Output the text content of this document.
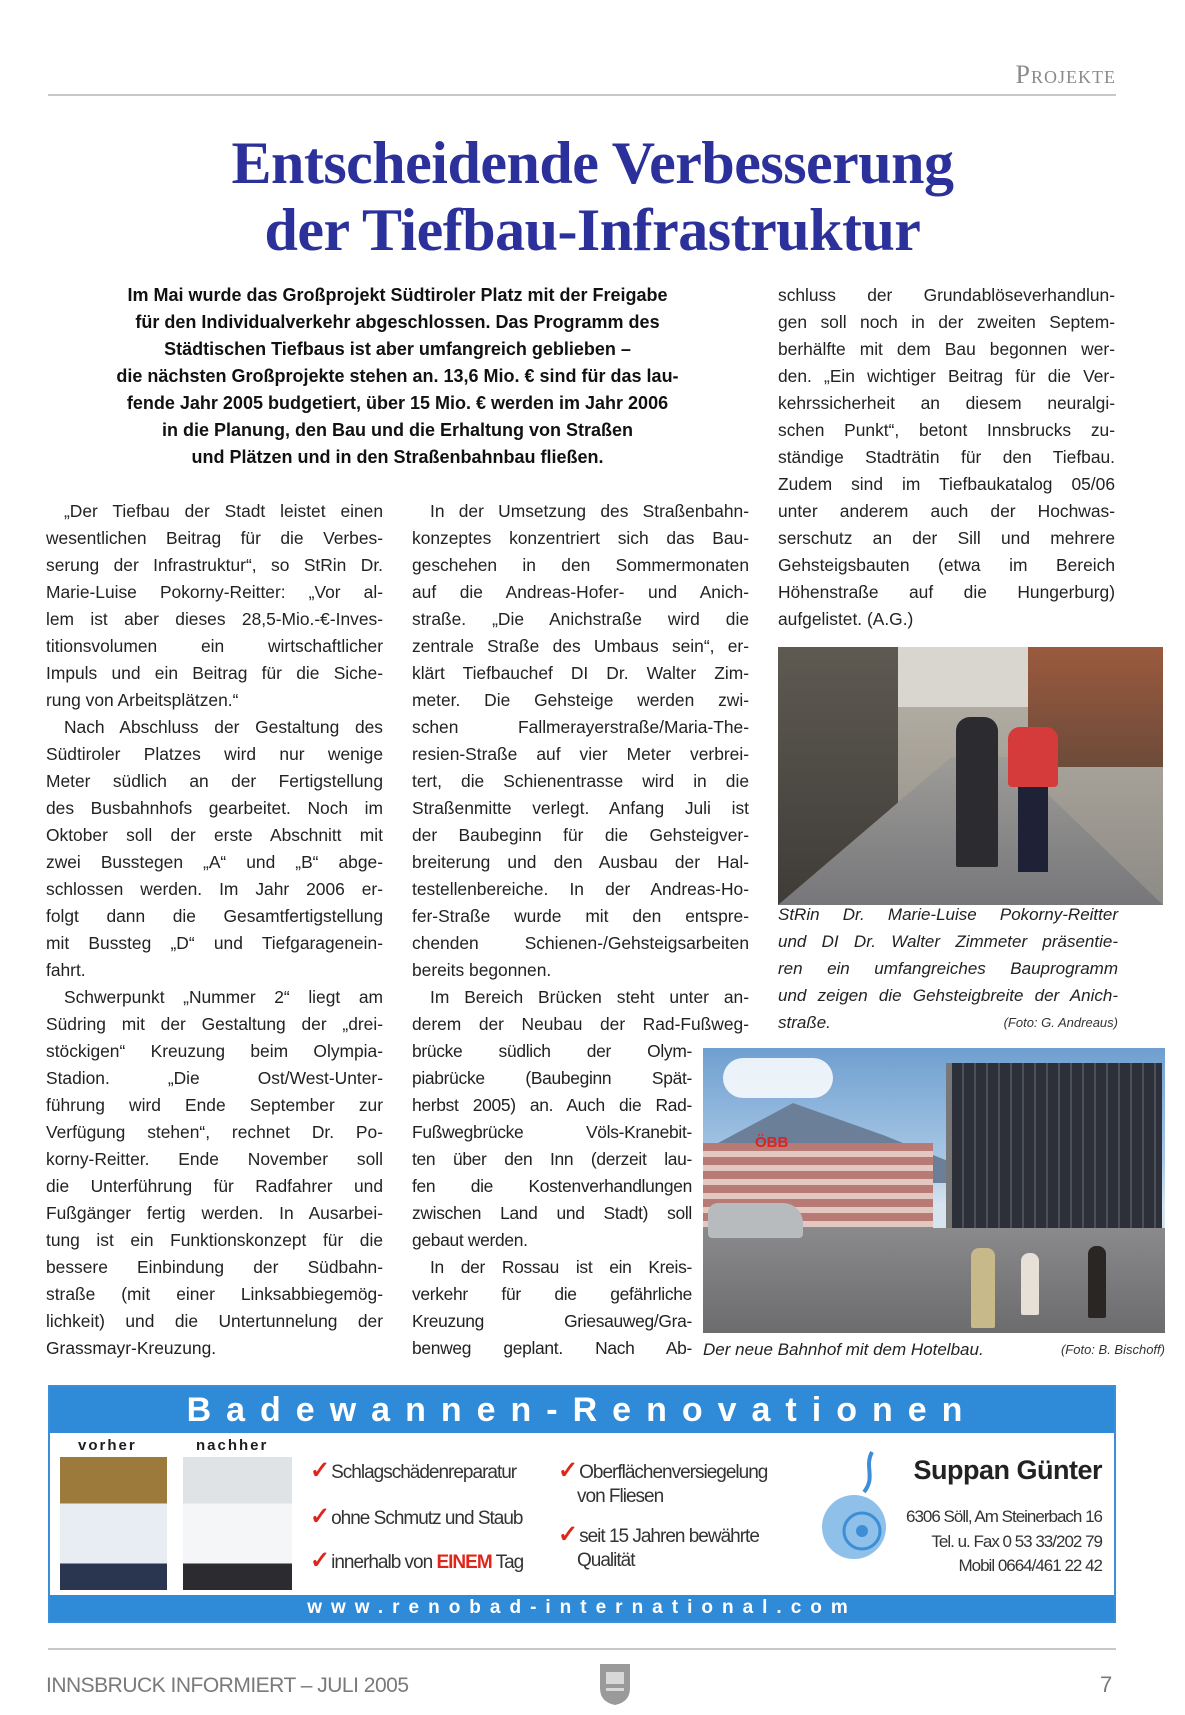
Projekte
Entscheidende Verbesserung
der Tiefbau-Infrastruktur
Im Mai wurde das Großprojekt Südtiroler Platz mit der Freigabe
für den Individualverkehr abgeschlossen. Das Programm des
Städtischen Tiefbaus ist aber umfangreich geblieben –
die nächsten Großprojekte stehen an. 13,6 Mio. € sind für das lau-
fende Jahr 2005 budgetiert, über 15 Mio. € werden im Jahr 2006
in die Planung, den Bau und die Erhaltung von Straßen
und Plätzen und in den Straßenbahnbau fließen.
„Der Tiefbau der Stadt leistet einen
wesentlichen Beitrag für die Verbes-
serung der Infrastruktur“, so StRin Dr.
Marie-Luise Pokorny-Reitter: „Vor al-
lem ist aber dieses 28,5-Mio.-€-Inves-
titionsvolumen ein wirtschaftlicher
Impuls und ein Beitrag für die Siche-
rung von Arbeitsplätzen.“
Nach Abschluss der Gestaltung des
Südtiroler Platzes wird nur wenige
Meter südlich an der Fertigstellung
des Busbahnhofs gearbeitet. Noch im
Oktober soll der erste Abschnitt mit
zwei Busstegen „A“ und „B“ abge-
schlossen werden. Im Jahr 2006 er-
folgt dann die Gesamtfertigstellung
mit Bussteg „D“ und Tiefgaragenein-
fahrt.
Schwerpunkt „Nummer 2“ liegt am
Südring mit der Gestaltung der „drei-
stöckigen“ Kreuzung beim Olympia-
Stadion. „Die Ost/West-Unter-
führung wird Ende September zur
Verfügung stehen“, rechnet Dr. Po-
korny-Reitter. Ende November soll
die Unterführung für Radfahrer und
Fußgänger fertig werden. In Ausarbei-
tung ist ein Funktionskonzept für die
bessere Einbindung der Südbahn-
straße (mit einer Linksabbiegemög-
lichkeit) und die Untertunnelung der
Grassmayr-Kreuzung.
In der Umsetzung des Straßenbahn-
konzeptes konzentriert sich das Bau-
geschehen in den Sommermonaten
auf die Andreas-Hofer- und Anich-
straße. „Die Anichstraße wird die
zentrale Straße des Umbaus sein“, er-
klärt Tiefbauchef DI Dr. Walter Zim-
meter. Die Gehsteige werden zwi-
schen Fallmerayerstraße/Maria-The-
resien-Straße auf vier Meter verbrei-
tert, die Schienentrasse wird in die
Straßenmitte verlegt. Anfang Juli ist
der Baubeginn für die Gehsteigver-
breiterung und den Ausbau der Hal-
testellenbereiche. In der Andreas-Ho-
fer-Straße wurde mit den entspre-
chenden Schienen-/Gehsteigsarbeiten
bereits begonnen.
Im Bereich Brücken steht unter an-
derem der Neubau der Rad-Fußweg-
brücke südlich der Olym-
piabrücke (Baubeginn Spät-
herbst 2005) an. Auch die Rad-
Fußwegbrücke Völs-Kranebit-
ten über den Inn (derzeit lau-
fen die Kostenverhandlungen
zwischen Land und Stadt) soll
gebaut werden.
In der Rossau ist ein Kreis-
verkehr für die gefährliche
Kreuzung Griesauweg/Gra-
benweg geplant. Nach Ab-
schluss der Grundablöseverhandlun-
gen soll noch in der zweiten Septem-
berhälfte mit dem Bau begonnen wer-
den. „Ein wichtiger Beitrag für die Ver-
kehrssicherheit an diesem neuralgi-
schen Punkt“, betont Innsbrucks zu-
ständige Stadträtin für den Tiefbau.
Zudem sind im Tiefbaukatalog 05/06
unter anderem auch der Hochwas-
serschutz an der Sill und mehrere
Gehsteigsbauten (etwa im Bereich
Höhenstraße auf die Hungerburg)
aufgelistet. (A.G.)
StRin Dr. Marie-Luise Pokorny-Reitter
und DI Dr. Walter Zimmeter präsentie-
ren ein umfangreiches Bauprogramm
und zeigen die Gehsteigbreite der Anich-
straße.	(Foto: G. Andreaus)
ÖBB
Der neue Bahnhof mit dem Hotelbau.	(Foto: B. Bischoff)
Badewannen-Renovationen
vorher	nachher
✓ Schlagschädenreparatur
✓ ohne Schmutz und Staub
✓ innerhalb von EINEM Tag
✓ Oberflächenversiegelung
von Fliesen
✓ seit 15 Jahren bewährte
Qualität
Suppan Günter
6306 Söll, Am Steinerbach 16
Tel. u. Fax 0 53 33/202 79
Mobil 0664/461 22 42
www.renobad-international.com
INNSBRUCK INFORMIERT – JULI 2005	7
